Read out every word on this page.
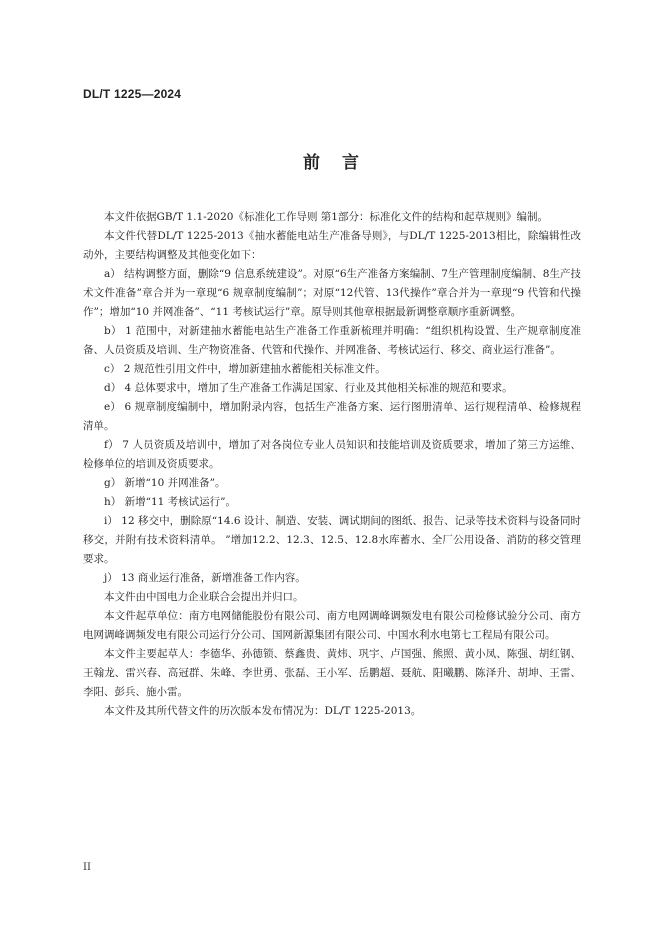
DL/T 1225—2024
前言

本文件依据GB/T 1.1-2020《标准化工作导则 第1部分：标准化文件的结构和起草规则》编制。

本文件代替DL/T 1225-2013《抽水蓄能电站生产准备导则》，与DL/T 1225-2013相比，除编辑性改动外，主要结构调整及其他变化如下：

a） 结构调整方面，删除“9 信息系统建设”。对原“6生产准备方案编制、7生产管理制度编制、8生产技术文件准备”章合并为一章现“6 规章制度编制”；对原“12代管、13代操作”章合并为一章现“9 代管和代操作”；增加“10 并网准备”、“11 考核试运行”章。原导则其他章根据最新调整章顺序重新调整。

b） 1 范围中，对新建抽水蓄能电站生产准备工作重新梳理并明确：“组织机构设置、生产规章制度准备、人员资质及培训、生产物资准备、代管和代操作、并网准备、考核试运行、移交、商业运行准备”。

c） 2 规范性引用文件中，增加新建抽水蓄能相关标准文件。

d） 4 总体要求中，增加了生产准备工作满足国家、行业及其他相关标准的规范和要求。

e） 6 规章制度编制中，增加附录内容，包括生产准备方案、运行图册清单、运行规程清单、检修规程清单。

f） 7 人员资质及培训中，增加了对各岗位专业人员知识和技能培训及资质要求，增加了第三方运维、检修单位的培训及资质要求。

g） 新增“10 并网准备”。

h） 新增“11 考核试运行”。

i） 12 移交中，删除原“14.6 设计、制造、安装、调试期间的图纸、报告、记录等技术资料与设备同时移交，并附有技术资料清单。 ”增加12.2、12.3、12.5、12.8水库蓄水、全厂公用设备、消防的移交管理要求。

j） 13 商业运行准备，新增准备工作内容。

本文件由中国电力企业联合会提出并归口。

本文件起草单位：南方电网储能股份有限公司、南方电网调峰调频发电有限公司检修试验分公司、南方电网调峰调频发电有限公司运行分公司、国网新源集团有限公司、中国水利水电第七工程局有限公司。

本文件主要起草人：李德华、孙德锁、蔡鑫贵、黄炜、巩宇、卢国强、熊照、黄小凤、陈强、胡红钢、王翰龙、雷兴春、高冠群、朱峰、李世勇、张磊、王小军、岳鹏超、聂航、阳曦鹏、陈泽升、胡坤、王雷、李阳、彭兵、施小雷。

本文件及其所代替文件的历次版本发布情况为：DL/T 1225-2013。

II
